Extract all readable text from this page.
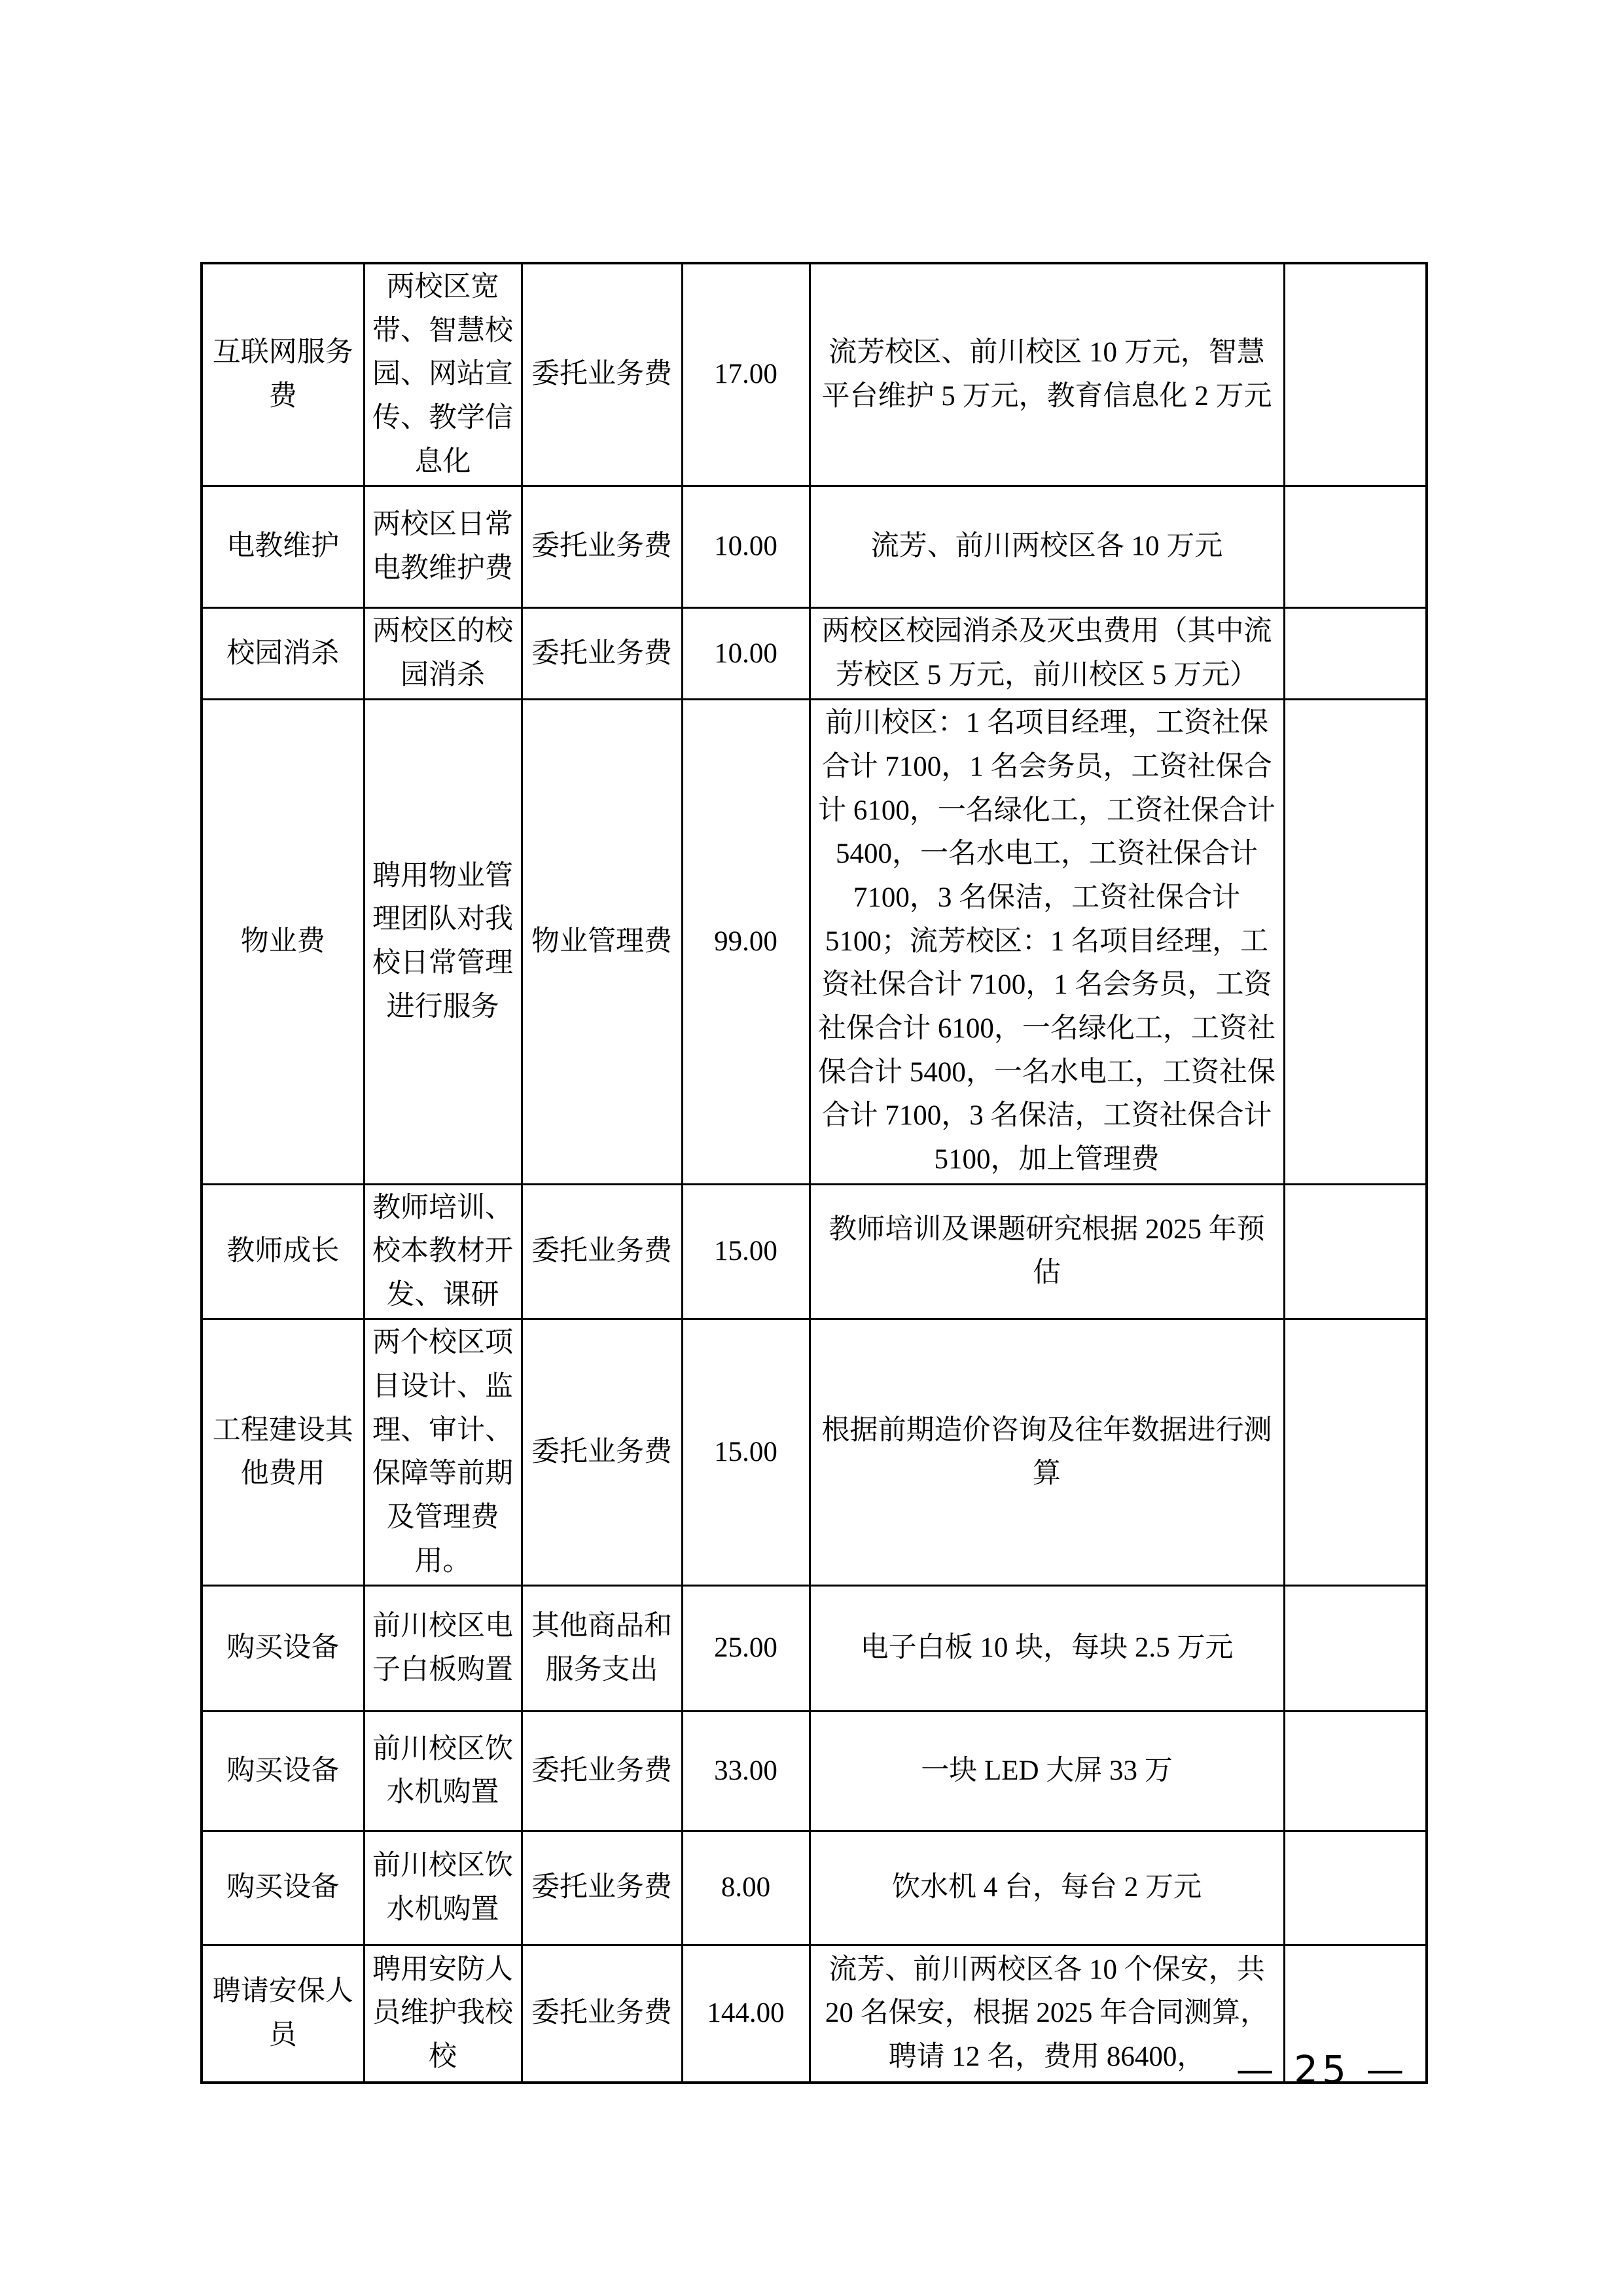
互联网服务费	两校区宽带、智慧校园、网站宣传、教学信息化	委托业务费	17.00	流芳校区、前川校区 10 万元，智慧平台维护 5 万元，教育信息化 2 万元	
电教维护	两校区日常电教维护费	委托业务费	10.00	流芳、前川两校区各 10 万元	
校园消杀	两校区的校园消杀	委托业务费	10.00	两校区校园消杀及灭虫费用（其中流芳校区 5 万元，前川校区 5 万元）	
物业费	聘用物业管理团队对我校日常管理进行服务	物业管理费	99.00	前川校区：1 名项目经理，工资社保合计 7100，1 名会务员，工资社保合计 6100，一名绿化工，工资社保合计 5400，一名水电工，工资社保合计 7100，3 名保洁，工资社保合计 5100；流芳校区：1 名项目经理，工资社保合计 7100，1 名会务员，工资社保合计 6100，一名绿化工，工资社保合计 5400，一名水电工，工资社保合计 7100，3 名保洁，工资社保合计 5100，加上管理费	
教师成长	教师培训、校本教材开发、课研	委托业务费	15.00	教师培训及课题研究根据 2025 年预估	
工程建设其他费用	两个校区项目设计、监理、审计、保障等前期及管理费用。	委托业务费	15.00	根据前期造价咨询及往年数据进行测算	
购买设备	前川校区电子白板购置	其他商品和服务支出	25.00	电子白板 10 块，每块 2.5 万元	
购买设备	前川校区饮水机购置	委托业务费	33.00	一块 LED 大屏 33 万	
购买设备	前川校区饮水机购置	委托业务费	8.00	饮水机 4 台，每台 2 万元	
聘请安保人员	聘用安防人员维护我校校	委托业务费	144.00	流芳、前川两校区各 10 个保安，共 20 名保安，根据 2025 年合同测算，聘请 12 名，费用 86400，	— 25 —
